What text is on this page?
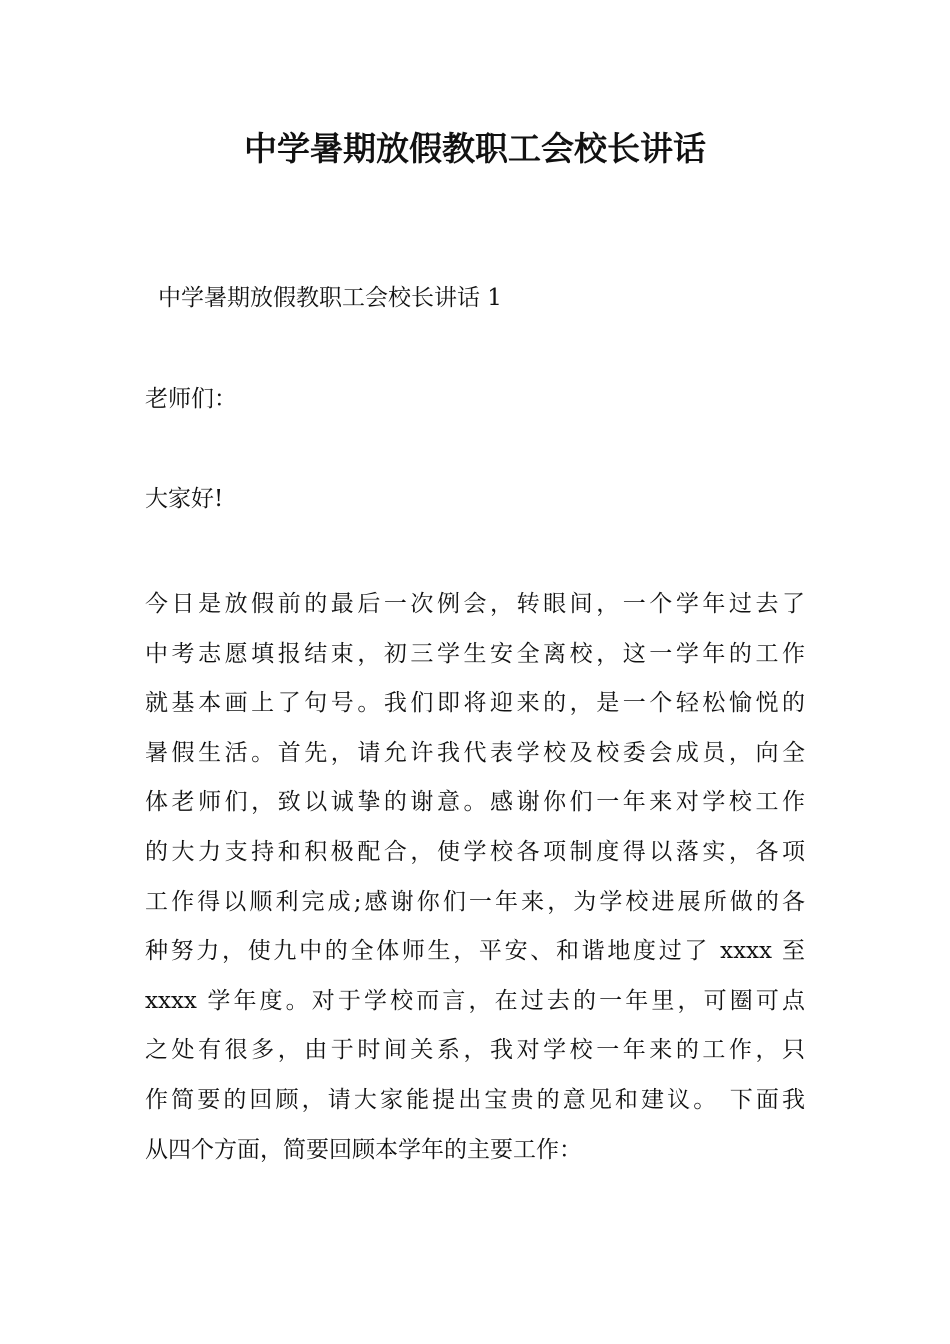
中学暑期放假教职工会校长讲话

中学暑期放假教职工会校长讲话 1

老师们：

大家好!

今日是放假前的最后一次例会，转眼间，一个学年过去了
中考志愿填报结束，初三学生安全离校，这一学年的工作
就基本画上了句号。我们即将迎来的，是一个轻松愉悦的
暑假生活。首先，请允许我代表学校及校委会成员，向全
体老师们，致以诚挚的谢意。感谢你们一年来对学校工作
的大力支持和积极配合，使学校各项制度得以落实，各项
工作得以顺利完成;感谢你们一年来，为学校进展所做的各
种努力，使九中的全体师生，平安、和谐地度过了 xxxx 至
xxxx 学年度。对于学校而言，在过去的一年里，可圈可点
之处有很多，由于时间关系，我对学校一年来的工作，只
作简要的回顾，请大家能提出宝贵的意见和建议。 下面我
从四个方面，简要回顾本学年的主要工作：
